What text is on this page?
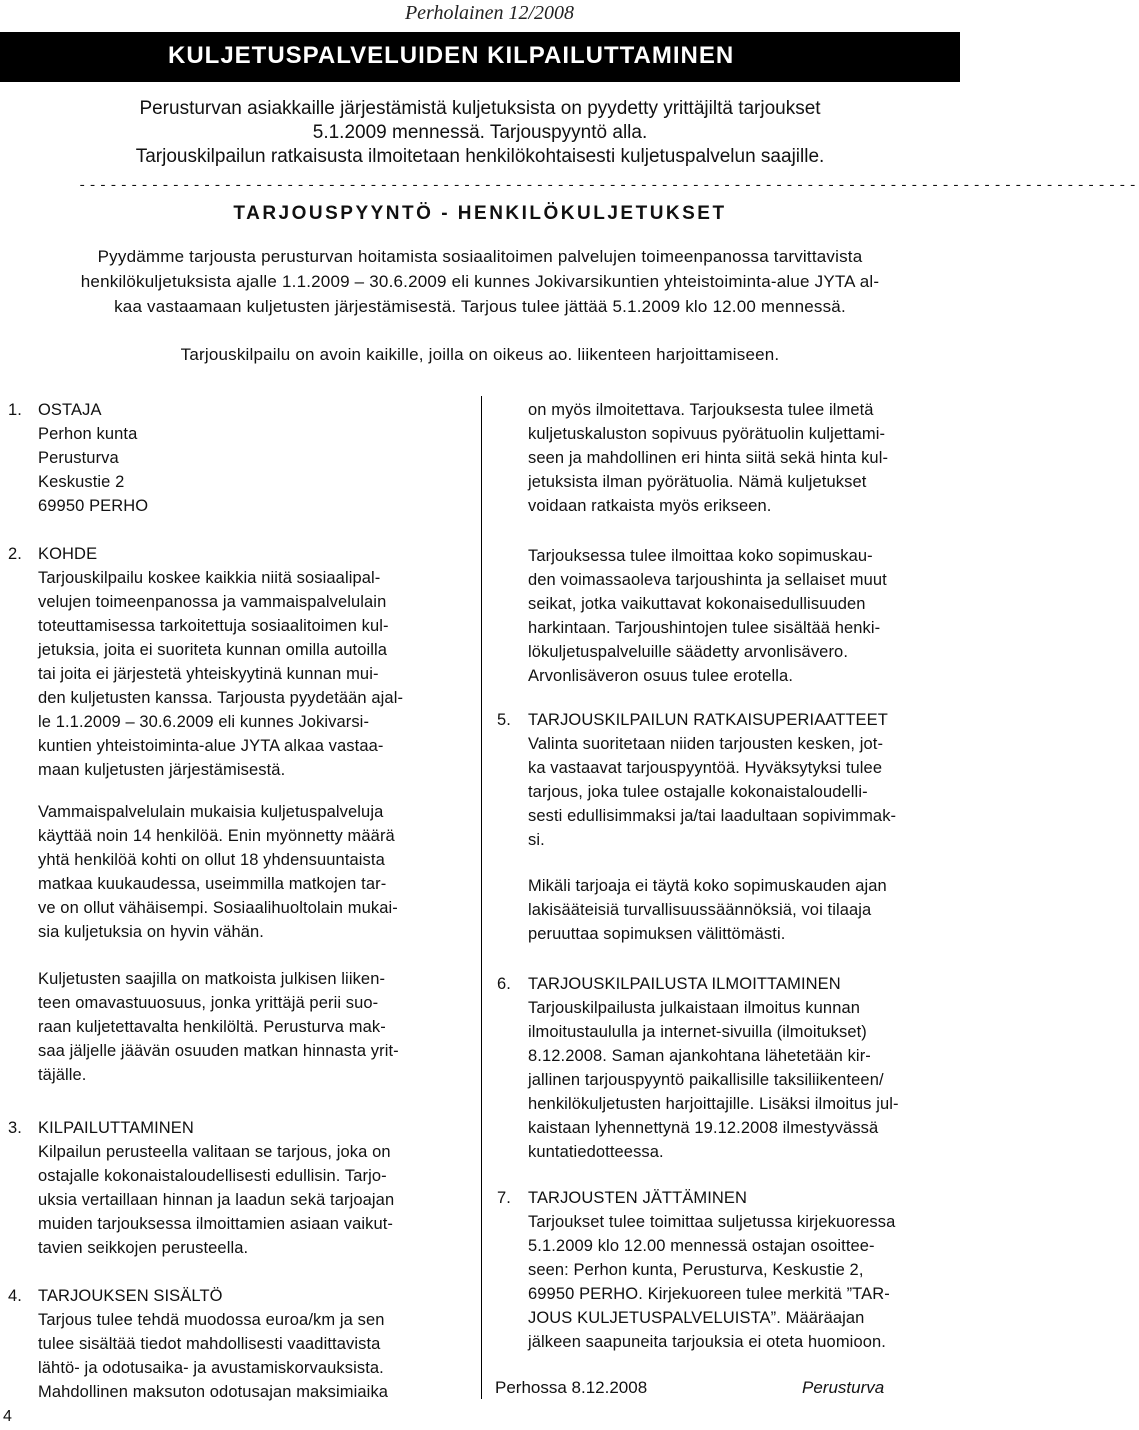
Perholainen 12/2008
KULJETUSPALVELUIDEN KILPAILUTTAMINEN
Perusturvan asiakkaille järjestämistä kuljetuksista on pyydetty yrittäjiltä tarjoukset
5.1.2009 mennessä. Tarjouspyyntö alla.
Tarjouskilpailun ratkaisusta ilmoitetaan henkilökohtaisesti kuljetuspalvelun saajille.
------------------------------------------------------------------------------------------------------
TARJOUSPYYNTÖ - HENKILÖKULJETUKSET
Pyydämme tarjousta perusturvan hoitamista sosiaalitoimen palvelujen toimeenpanossa tarvittavista
henkilökuljetuksista ajalle 1.1.2009 – 30.6.2009 eli kunnes Jokivarsikuntien yhteistoiminta-alue JYTA al-
kaa vastaamaan kuljetusten järjestämisestä. Tarjous tulee jättää 5.1.2009 klo 12.00 mennessä.
Tarjouskilpailu on avoin kaikille, joilla on oikeus ao. liikenteen harjoittamiseen.
1. OSTAJA
Perhon kunta
Perusturva
Keskustie 2
69950 PERHO
2. KOHDE
Tarjouskilpailu koskee kaikkia niitä sosiaalipal-
velujen toimeenpanossa ja vammaispalvelulain
toteuttamisessa tarkoitettuja sosiaalitoimen kul-
jetuksia, joita ei suoriteta kunnan omilla autoilla
tai joita ei järjestetä yhteiskyytinä kunnan mui-
den kuljetusten kanssa. Tarjousta pyydetään ajal-
le 1.1.2009 – 30.6.2009 eli kunnes Jokivarsi-
kuntien yhteistoiminta-alue JYTA alkaa vastaa-
maan kuljetusten järjestämisestä.
Vammaispalvelulain mukaisia kuljetuspalveluja
käyttää noin 14 henkilöä. Enin myönnetty määrä
yhtä henkilöä kohti on ollut 18 yhdensuuntaista
matkaa kuukaudessa, useimmilla matkojen tar-
ve on ollut vähäisempi. Sosiaalihuoltolain mukai-
sia kuljetuksia on hyvin vähän.
Kuljetusten saajilla on matkoista julkisen liiken-
teen omavastuuosuus, jonka yrittäjä perii suo-
raan kuljetettavalta henkilöltä. Perusturva mak-
saa jäljelle jäävän osuuden matkan hinnasta yrit-
täjälle.
3. KILPAILUTTAMINEN
Kilpailun perusteella valitaan se tarjous, joka on
ostajalle kokonaistaloudellisesti edullisin. Tarjo-
uksia vertaillaan hinnan ja laadun sekä tarjoajan
muiden tarjouksessa ilmoittamien asiaan vaikut-
tavien seikkojen perusteella.
4. TARJOUKSEN SISÄLTÖ
Tarjous tulee tehdä muodossa euroa/km ja sen
tulee sisältää tiedot mahdollisesti vaadittavista
lähtö- ja odotusaika- ja avustamiskorvauksista.
Mahdollinen maksuton odotusajan maksimiaika
on myös ilmoitettava. Tarjouksesta tulee ilmetä
kuljetuskaluston sopivuus pyörätuolin kuljettami-
seen ja mahdollinen eri hinta siitä sekä hinta kul-
jetuksista ilman pyörätuolia. Nämä kuljetukset
voidaan ratkaista myös erikseen.
Tarjouksessa tulee ilmoittaa koko sopimuskau-
den voimassaoleva tarjoushinta ja sellaiset muut
seikat, jotka vaikuttavat kokonaisedullisuuden
harkintaan. Tarjoushintojen tulee sisältää henki-
lökuljetuspalveluille säädetty arvonlisävero.
Arvonlisäveron osuus tulee erotella.
5. TARJOUSKILPAILUN RATKAISUPERIAATTEET
Valinta suoritetaan niiden tarjousten kesken, jot-
ka vastaavat tarjouspyyntöä. Hyväksytyksi tulee
tarjous, joka tulee ostajalle kokonaistaloudelli-
sesti edullisimmaksi ja/tai laadultaan sopivimmak-
si.
Mikäli tarjoaja ei täytä koko sopimuskauden ajan
lakisääteisiä turvallisuussäännöksiä, voi tilaaja
peruuttaa sopimuksen välittömästi.
6. TARJOUSKILPAILUSTA ILMOITTAMINEN
Tarjouskilpailusta julkaistaan ilmoitus kunnan
ilmoitustaululla ja internet-sivuilla (ilmoitukset)
8.12.2008. Saman ajankohtana lähetetään kir-
jallinen tarjouspyyntö paikallisille taksiliikenteen/
henkilökuljetusten harjoittajille. Lisäksi ilmoitus jul-
kaistaan lyhennettynä 19.12.2008 ilmestyvässä
kuntatiedotteessa.
7. TARJOUSTEN JÄTTÄMINEN
Tarjoukset tulee toimittaa suljetussa kirjekuoressa
5.1.2009 klo 12.00 mennessä ostajan osoittee-
seen: Perhon kunta, Perusturva, Keskustie 2,
69950 PERHO. Kirjekuoreen tulee merkitä ”TAR-
JOUS KULJETUSPALVELUISTA”. Määräajan
jälkeen saapuneita tarjouksia ei oteta huomioon.
Perhossa 8.12.2008	Perusturva
4
